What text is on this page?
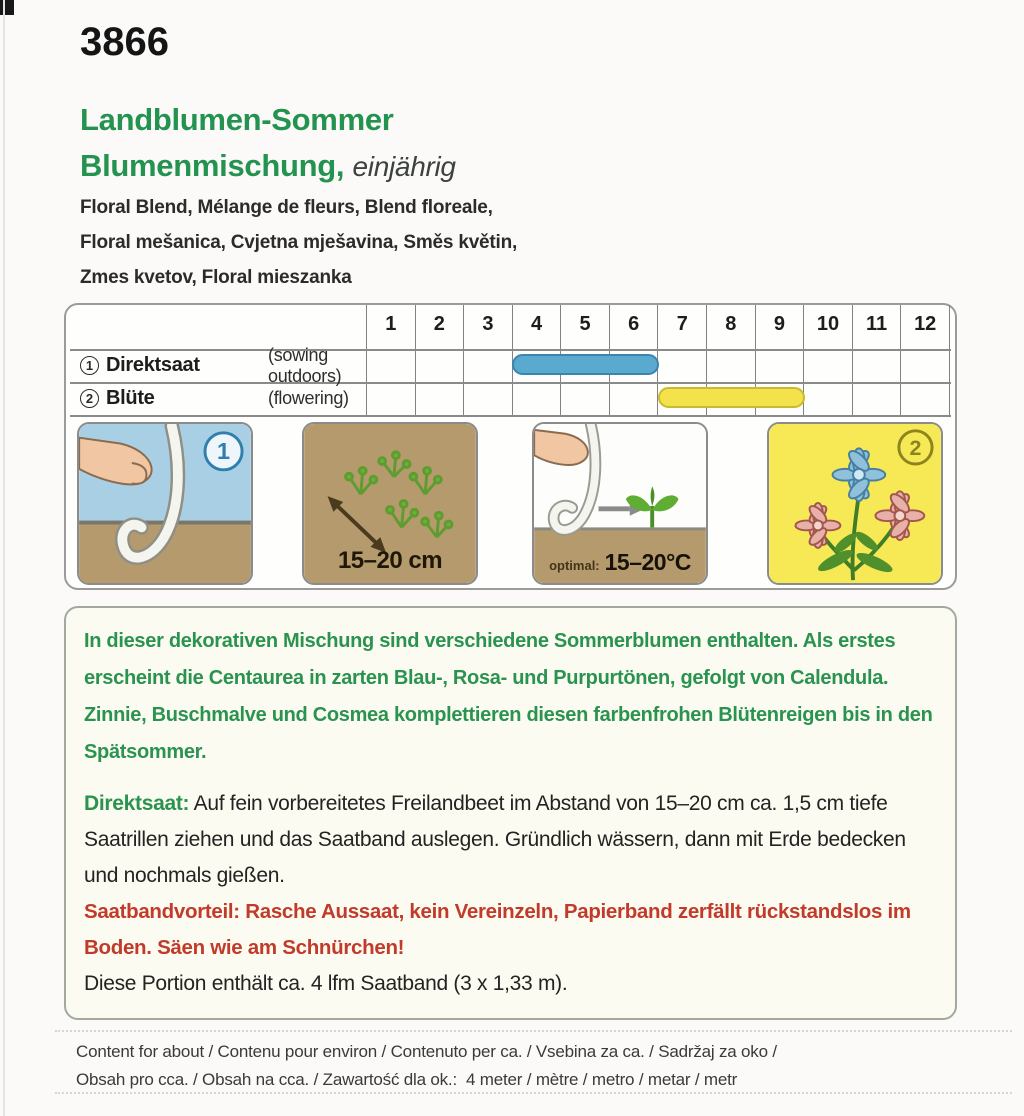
3866
Landblumen-Sommer
Blumenmischung, einjährig
Floral Blend, Mélange de fleurs, Blend floreale,
Floral mešanica, Cvjetna mješavina, Směs květin,
Zmes kvetov, Floral mieszanka
1	2	3	4	5	6	7	8	9	10	11	12
1 Direktsaat	(sowing outdoors)
2 Blüte	(flowering)
1
15–20 cm	optimal: 15–20°C
2

In dieser dekorativen Mischung sind verschiedene Sommerblumen enthalten. Als erstes erscheint die Centaurea in zarten Blau-, Rosa- und Purpurtönen, gefolgt von Calendula. Zinnie, Buschmalve und Cosmea komplettieren diesen farbenfrohen Blütenreigen bis in den Spätsommer.

Direktsaat: Auf fein vorbereitetes Freilandbeet im Abstand von 15–20 cm ca. 1,5 cm tiefe Saatrillen ziehen und das Saatband auslegen. Gründlich wässern, dann mit Erde bedecken und nochmals gießen.

Saatbandvorteil: Rasche Aussaat, kein Vereinzeln, Papierband zerfällt rückstandslos im Boden. Säen wie am Schnürchen!

Diese Portion enthält ca. 4 lfm Saatband (3 x 1,33 m).

Content for about / Contenu pour environ / Contenuto per ca. / Vsebina za ca. / Sadržaj za oko /
Obsah pro cca. / Obsah na cca. / Zawartość dla ok.:  4 meter / mètre / metro / metar / metr
